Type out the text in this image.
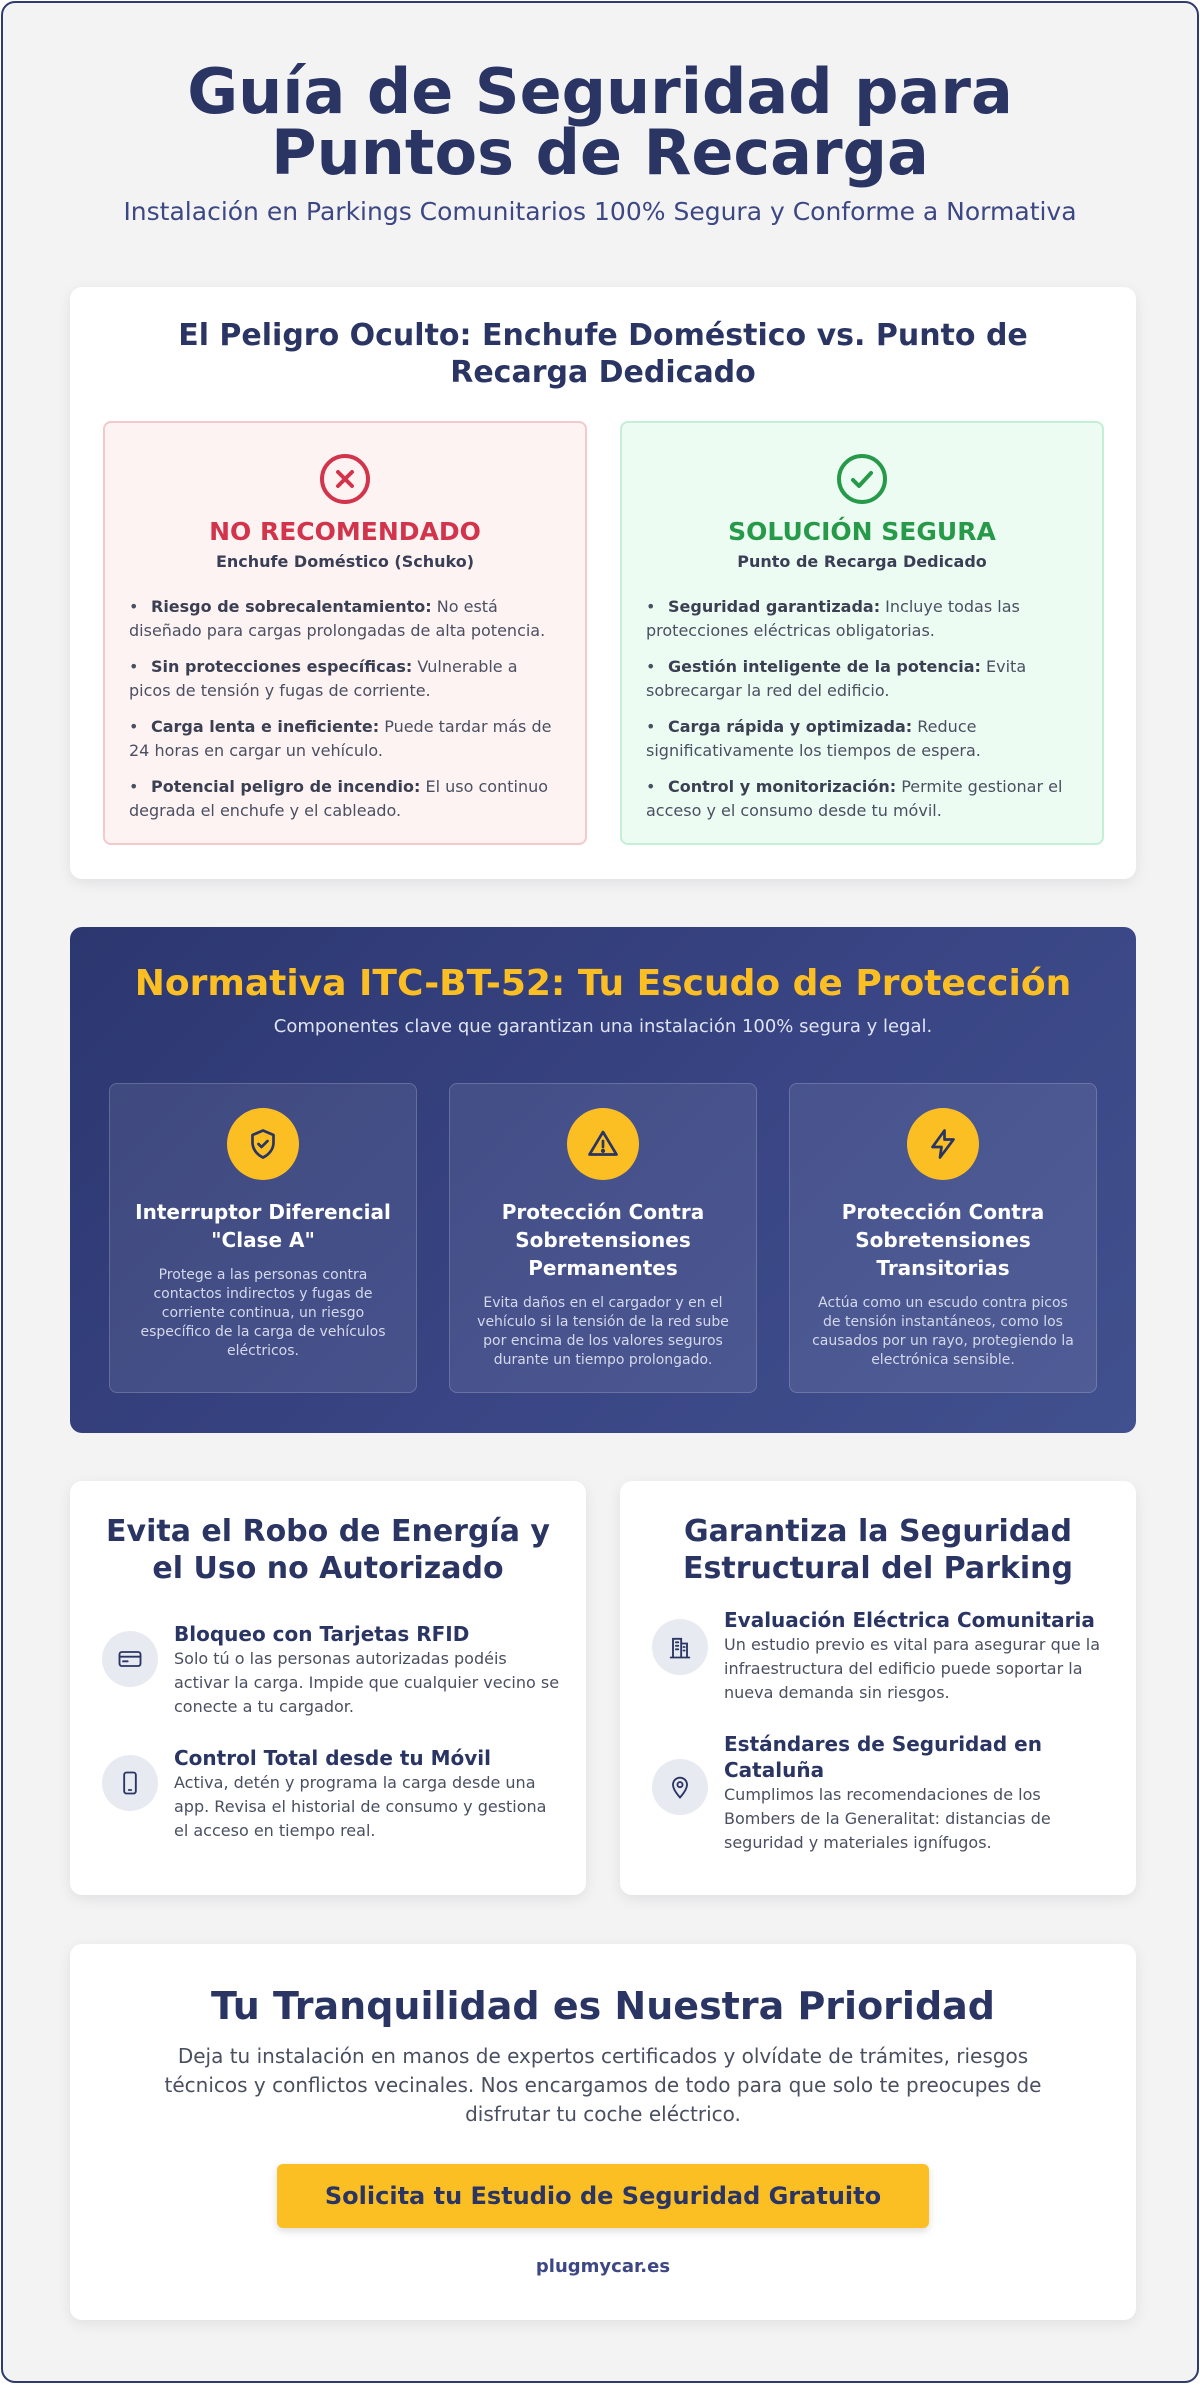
Guía de Seguridad para Puntos de Recarga

Instalación en Parkings Comunitarios 100% Segura y Conforme a Normativa

El Peligro Oculto: Enchufe Doméstico vs. Punto de Recarga Dedicado
NO RECOMENDADO
Enchufe Doméstico (Schuko)
• Riesgo de sobrecalentamiento: No está diseñado para cargas prolongadas de alta potencia.
• Sin protecciones específicas: Vulnerable a picos de tensión y fugas de corriente.
• Carga lenta e ineficiente: Puede tardar más de 24 horas en cargar un vehículo.
• Potencial peligro de incendio: El uso continuo degrada el enchufe y el cableado.
SOLUCIÓN SEGURA
Punto de Recarga Dedicado
• Seguridad garantizada: Incluye todas las protecciones eléctricas obligatorias.
• Gestión inteligente de la potencia: Evita sobrecargar la red del edificio.
• Carga rápida y optimizada: Reduce significativamente los tiempos de espera.
• Control y monitorización: Permite gestionar el acceso y el consumo desde tu móvil.
Normativa ITC-BT-52: Tu Escudo de Protección
Componentes clave que garantizan una instalación 100% segura y legal.
Interruptor Diferencial "Clase A"
Protege a las personas contra contactos indirectos y fugas de corriente continua, un riesgo específico de la carga de vehículos eléctricos.
Protección Contra Sobretensiones Permanentes
Evita daños en el cargador y en el vehículo si la tensión de la red sube por encima de los valores seguros durante un tiempo prolongado.
Protección Contra Sobretensiones Transitorias
Actúa como un escudo contra picos de tensión instantáneos, como los causados por un rayo, protegiendo la electrónica sensible.
Evita el Robo de Energía y el Uso no Autorizado
Bloqueo con Tarjetas RFID
Solo tú o las personas autorizadas podéis activar la carga. Impide que cualquier vecino se conecte a tu cargador.
Control Total desde tu Móvil
Activa, detén y programa la carga desde una app. Revisa el historial de consumo y gestiona el acceso en tiempo real.
Garantiza la Seguridad Estructural del Parking
Evaluación Eléctrica Comunitaria
Un estudio previo es vital para asegurar que la infraestructura del edificio puede soportar la nueva demanda sin riesgos.
Estándares de Seguridad en Cataluña
Cumplimos las recomendaciones de los Bombers de la Generalitat: distancias de seguridad y materiales ignífugos.
Tu Tranquilidad es Nuestra Prioridad
Deja tu instalación en manos de expertos certificados y olvídate de trámites, riesgos técnicos y conflictos vecinales. Nos encargamos de todo para que solo te preocupes de disfrutar tu coche eléctrico.
Solicita tu Estudio de Seguridad Gratuito
plugmycar.es
